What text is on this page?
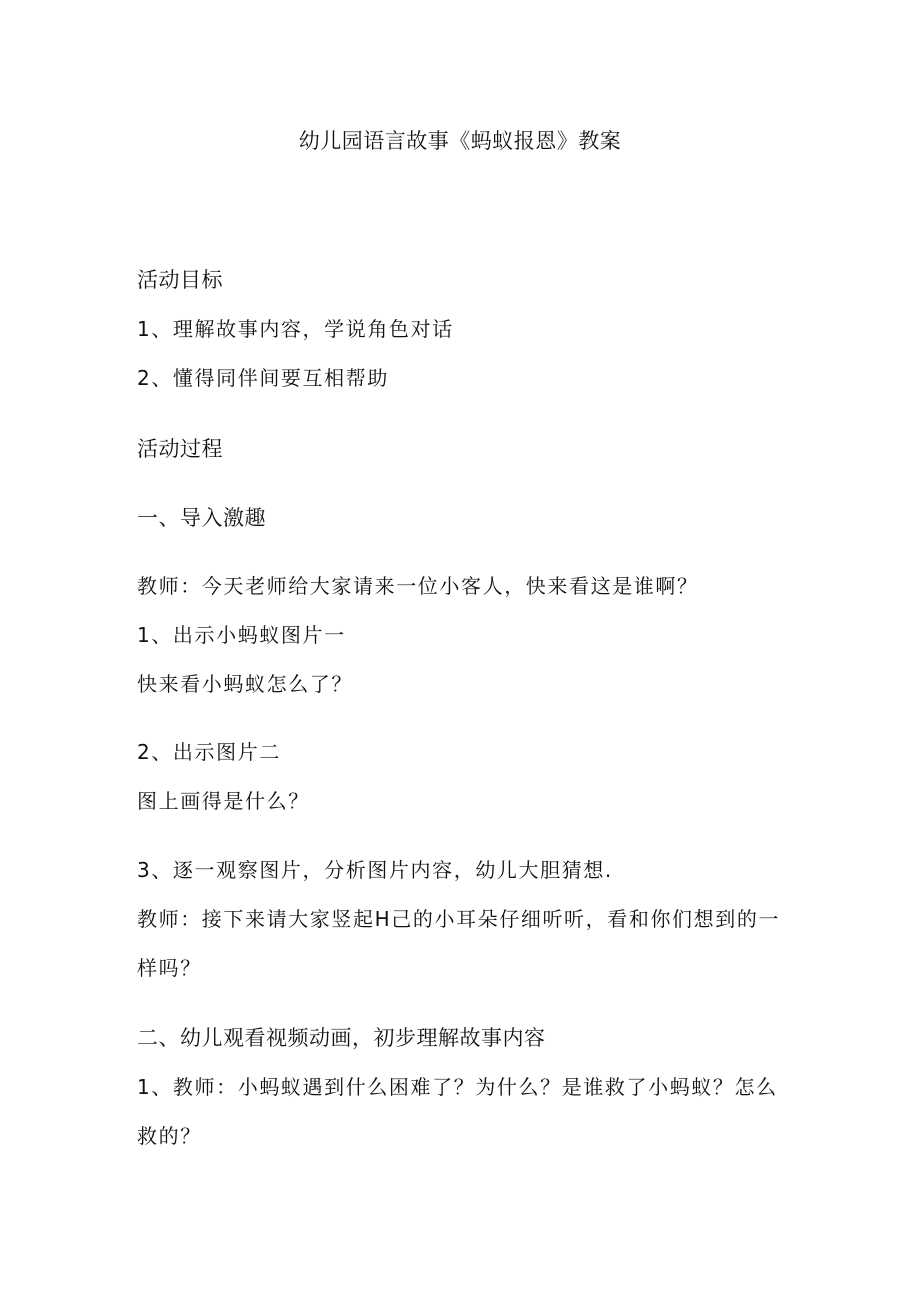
幼儿园语言故事《蚂蚁报恩》教案
活动目标
1、理解故事内容，学说角色对话
2、懂得同伴间要互相帮助
活动过程
一、导入激趣
教师：今天老师给大家请来一位小客人，快来看这是谁啊？
1、出示小蚂蚁图片一
快来看小蚂蚁怎么了？
2、出示图片二
图上画得是什么？
3、逐一观察图片，分析图片内容，幼儿大胆猜想.
教师：接下来请大家竖起H己的小耳朵仔细听听，看和你们想到的一
样吗？
二、幼儿观看视频动画，初步理解故事内容
1、教师：小蚂蚁遇到什么困难了？为什么？是谁救了小蚂蚁？怎么
救的？
